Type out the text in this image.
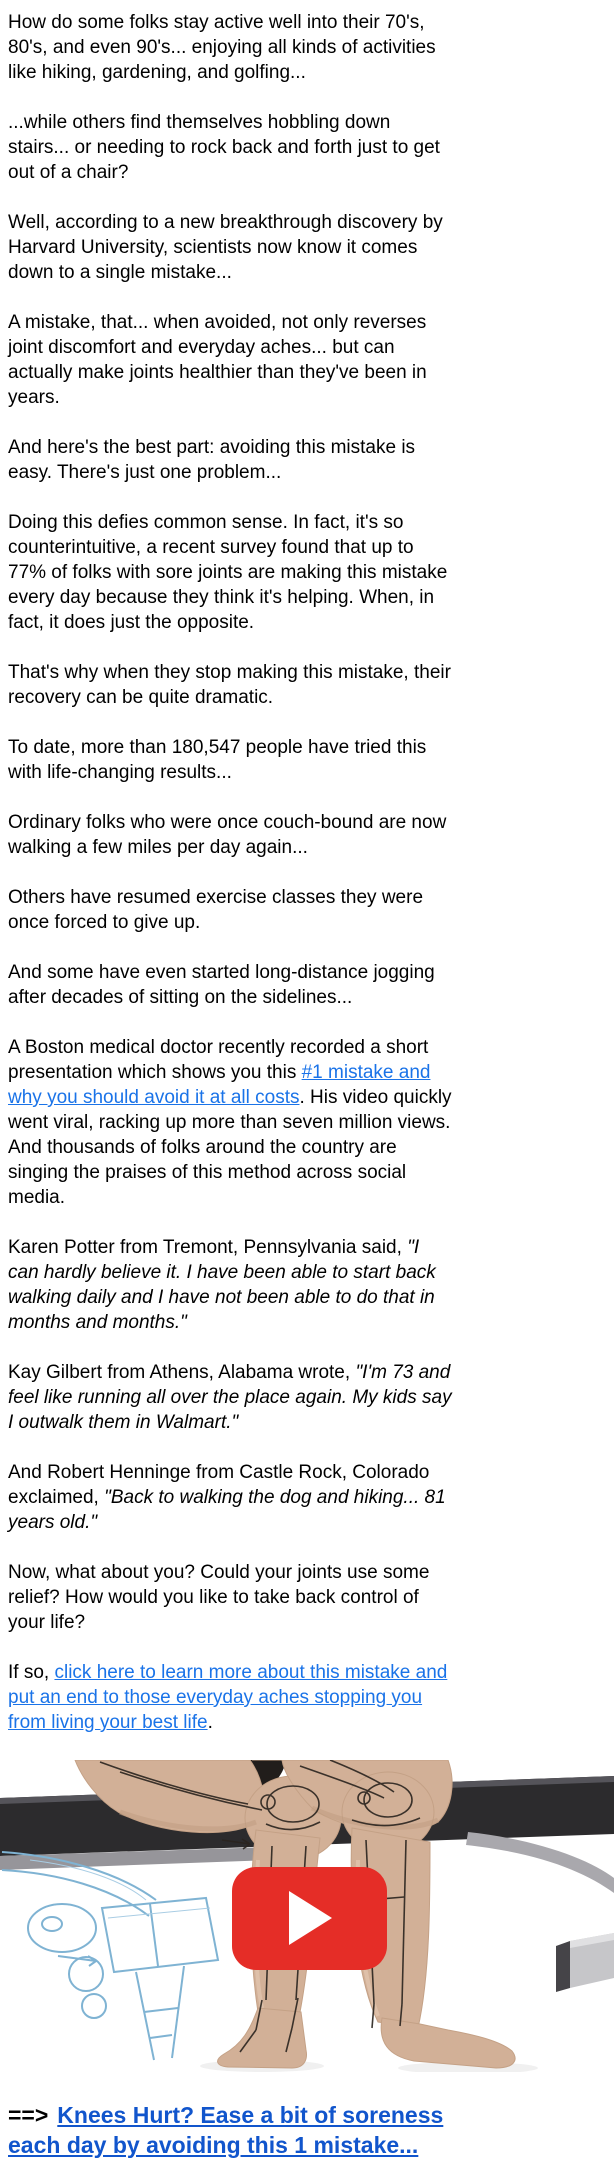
How do some folks stay active well into their 70's,
80's, and even 90's... enjoying all kinds of activities
like hiking, gardening, and golfing...

...while others find themselves hobbling down
stairs... or needing to rock back and forth just to get
out of a chair?

Well, according to a new breakthrough discovery by
Harvard University, scientists now know it comes
down to a single mistake...

A mistake, that... when avoided, not only reverses
joint discomfort and everyday aches... but can
actually make joints healthier than they've been in
years.

And here's the best part: avoiding this mistake is
easy. There's just one problem...

Doing this defies common sense. In fact, it's so
counterintuitive, a recent survey found that up to
77% of folks with sore joints are making this mistake
every day because they think it's helping. When, in
fact, it does just the opposite.

That's why when they stop making this mistake, their
recovery can be quite dramatic.

To date, more than 180,547 people have tried this
with life-changing results...

Ordinary folks who were once couch-bound are now
walking a few miles per day again...

Others have resumed exercise classes they were
once forced to give up.

And some have even started long-distance jogging
after decades of sitting on the sidelines...

A Boston medical doctor recently recorded a short
presentation which shows you this #1 mistake and
why you should avoid it at all costs. His video quickly
went viral, racking up more than seven million views.
And thousands of folks around the country are
singing the praises of this method across social
media.

Karen Potter from Tremont, Pennsylvania said, "I
can hardly believe it. I have been able to start back
walking daily and I have not been able to do that in
months and months."

Kay Gilbert from Athens, Alabama wrote, "I'm 73 and
feel like running all over the place again. My kids say
I outwalk them in Walmart."

And Robert Henninge from Castle Rock, Colorado
exclaimed, "Back to walking the dog and hiking... 81
years old."

Now, what about you? Could your joints use some
relief? How would you like to take back control of
your life?

If so, click here to learn more about this mistake and
put an end to those everyday aches stopping you
from living your best life.

==> Knees Hurt? Ease a bit of soreness
each day by avoiding this 1 mistake...
